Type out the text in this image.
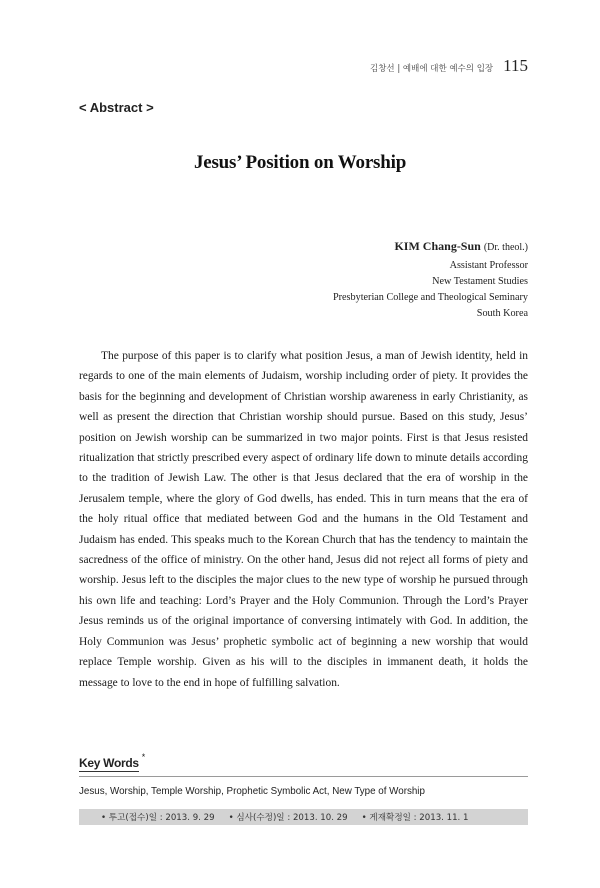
김창선 | 예배에 대한 예수의 입장 115
< Abstract >
Jesus’ Position on Worship
KIM Chang-Sun (Dr. theol.)
Assistant Professor
New Testament Studies
Presbyterian College and Theological Seminary
South Korea

The purpose of this paper is to clarify what position Jesus, a man of Jewish identity, held in regards to one of the main elements of Judaism, worship including order of piety. It provides the basis for the beginning and development of Christian worship awareness in early Christianity, as well as present the direction that Christian worship should pursue. Based on this study, Jesus’ position on Jewish worship can be summarized in two major points. First is that Jesus resisted ritualization that strictly prescribed every aspect of ordinary life down to minute details according to the tradition of Jewish Law. The other is that Jesus declared that the era of worship in the Jerusalem temple, where the glory of God dwells, has ended. This in turn means that the era of the holy ritual office that mediated between God and the humans in the Old Testament and Judaism has ended. This speaks much to the Korean Church that has the tendency to maintain the sacredness of the office of ministry. On the other hand, Jesus did not reject all forms of piety and worship. Jesus left to the disciples the major clues to the new type of worship he pursued through his own life and teaching: Lord’s Prayer and the Holy Communion. Through the Lord’s Prayer Jesus reminds us of the original importance of conversing intimately with God. In addition, the Holy Communion was Jesus’ prophetic symbolic act of beginning a new worship that would replace Temple worship. Given as his will to the disciples in immanent death, it holds the message to love to the end in hope of fulfilling salvation.

Key Words *
Jesus, Worship, Temple Worship, Prophetic Symbolic Act, New Type of Worship
• 투고(접수)일 : 2013. 9. 29 • 심사(수정)일 : 2013. 10. 29 • 게재확정일 : 2013. 11. 1
